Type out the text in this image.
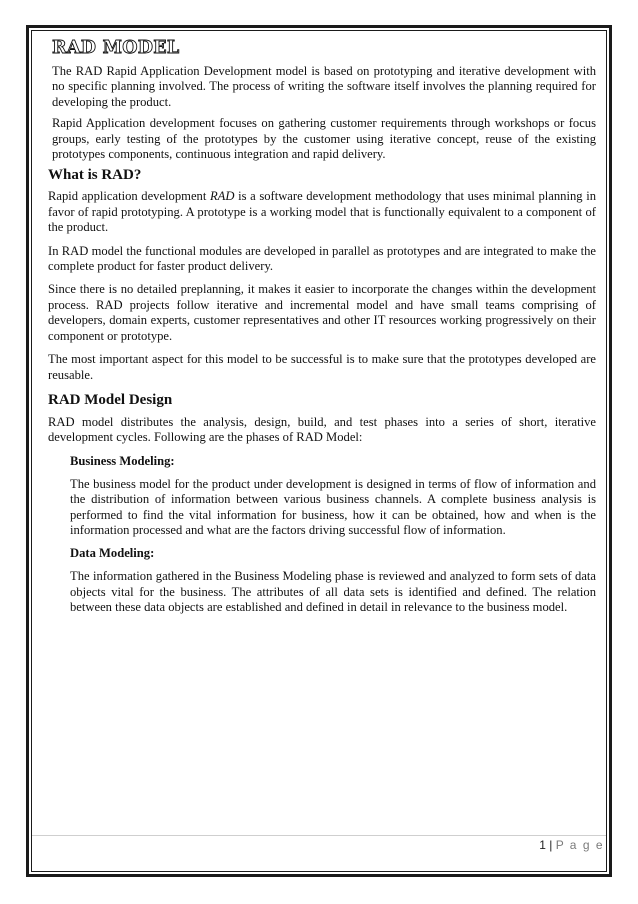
RAD MODEL

The RAD Rapid Application Development model is based on prototyping and iterative development with no specific planning involved. The process of writing the software itself involves the planning required for developing the product.

Rapid Application development focuses on gathering customer requirements through workshops or focus groups, early testing of the prototypes by the customer using iterative concept, reuse of the existing prototypes components, continuous integration and rapid delivery.

What is RAD?

Rapid application development RAD is a software development methodology that uses minimal planning in favor of rapid prototyping. A prototype is a working model that is functionally equivalent to a component of the product.

In RAD model the functional modules are developed in parallel as prototypes and are integrated to make the complete product for faster product delivery.

Since there is no detailed preplanning, it makes it easier to incorporate the changes within the development process. RAD projects follow iterative and incremental model and have small teams comprising of developers, domain experts, customer representatives and other IT resources working progressively on their component or prototype.

The most important aspect for this model to be successful is to make sure that the prototypes developed are reusable.

RAD Model Design

RAD model distributes the analysis, design, build, and test phases into a series of short, iterative development cycles. Following are the phases of RAD Model:

Business Modeling:

The business model for the product under development is designed in terms of flow of information and the distribution of information between various business channels. A complete business analysis is performed to find the vital information for business, how it can be obtained, how and when is the information processed and what are the factors driving successful flow of information.

Data Modeling:

The information gathered in the Business Modeling phase is reviewed and analyzed to form sets of data objects vital for the business. The attributes of all data sets is identified and defined. The relation between these data objects are established and defined in detail in relevance to the business model.

1 | P a g e
